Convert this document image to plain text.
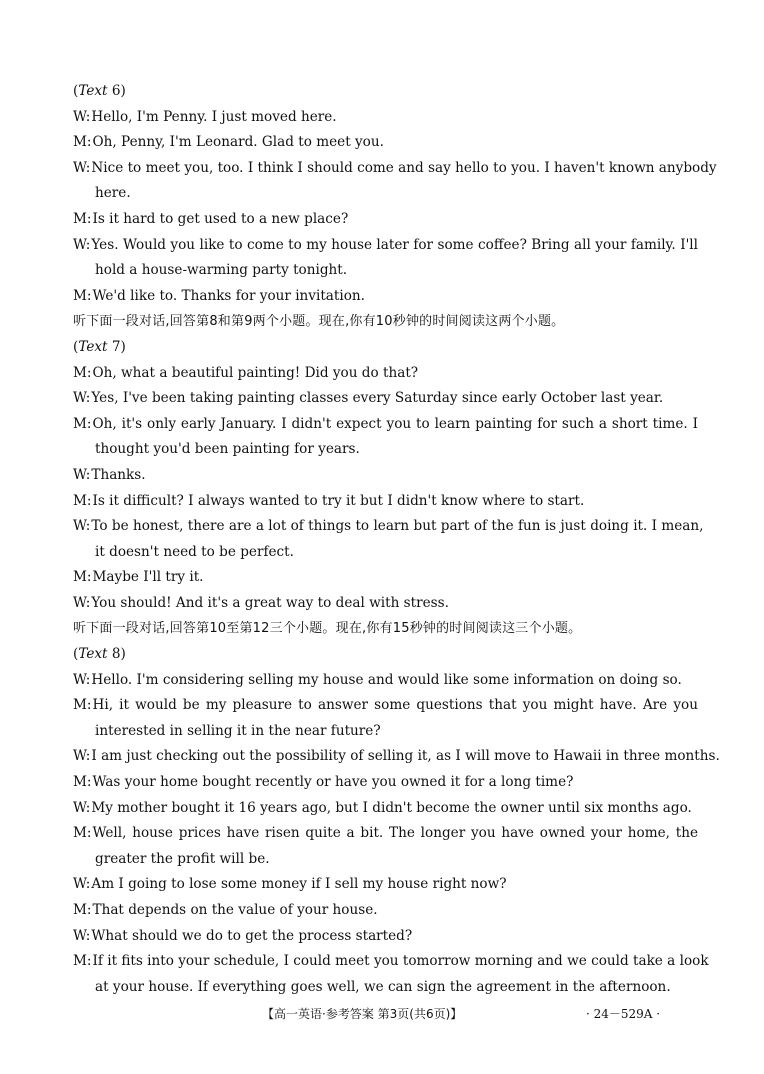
(Text 6)
W:Hello, I'm Penny. I just moved here.
M:Oh, Penny, I'm Leonard. Glad to meet you.
W:Nice to meet you, too. I think I should come and say hello to you. I haven't known anybody
here.
M:Is it hard to get used to a new place?
W:Yes. Would you like to come to my house later for some coffee? Bring all your family. I'll
hold a house-warming party tonight.
M:We'd like to. Thanks for your invitation.
听下面一段对话,回答第8和第9两个小题。现在,你有10秒钟的时间阅读这两个小题。
(Text 7)
M:Oh, what a beautiful painting! Did you do that?
W:Yes, I've been taking painting classes every Saturday since early October last year.
M:Oh, it's only early January. I didn't expect you to learn painting for such a short time. I
thought you'd been painting for years.
W:Thanks.
M:Is it difficult? I always wanted to try it but I didn't know where to start.
W:To be honest, there are a lot of things to learn but part of the fun is just doing it. I mean,
it doesn't need to be perfect.
M:Maybe I'll try it.
W:You should! And it's a great way to deal with stress.
听下面一段对话,回答第10至第12三个小题。现在,你有15秒钟的时间阅读这三个小题。
(Text 8)
W:Hello. I'm considering selling my house and would like some information on doing so.
M:Hi, it would be my pleasure to answer some questions that you might have. Are you
interested in selling it in the near future?
W:I am just checking out the possibility of selling it, as I will move to Hawaii in three months.
M:Was your home bought recently or have you owned it for a long time?
W:My mother bought it 16 years ago, but I didn't become the owner until six months ago.
M:Well, house prices have risen quite a bit. The longer you have owned your home, the
greater the profit will be.
W:Am I going to lose some money if I sell my house right now?
M:That depends on the value of your house.
W:What should we do to get the process started?
M:If it fits into your schedule, I could meet you tomorrow morning and we could take a look
at your house. If everything goes well, we can sign the agreement in the afternoon.
【高一英语·参考答案 第3页(共6页)】	· 24－529A ·
